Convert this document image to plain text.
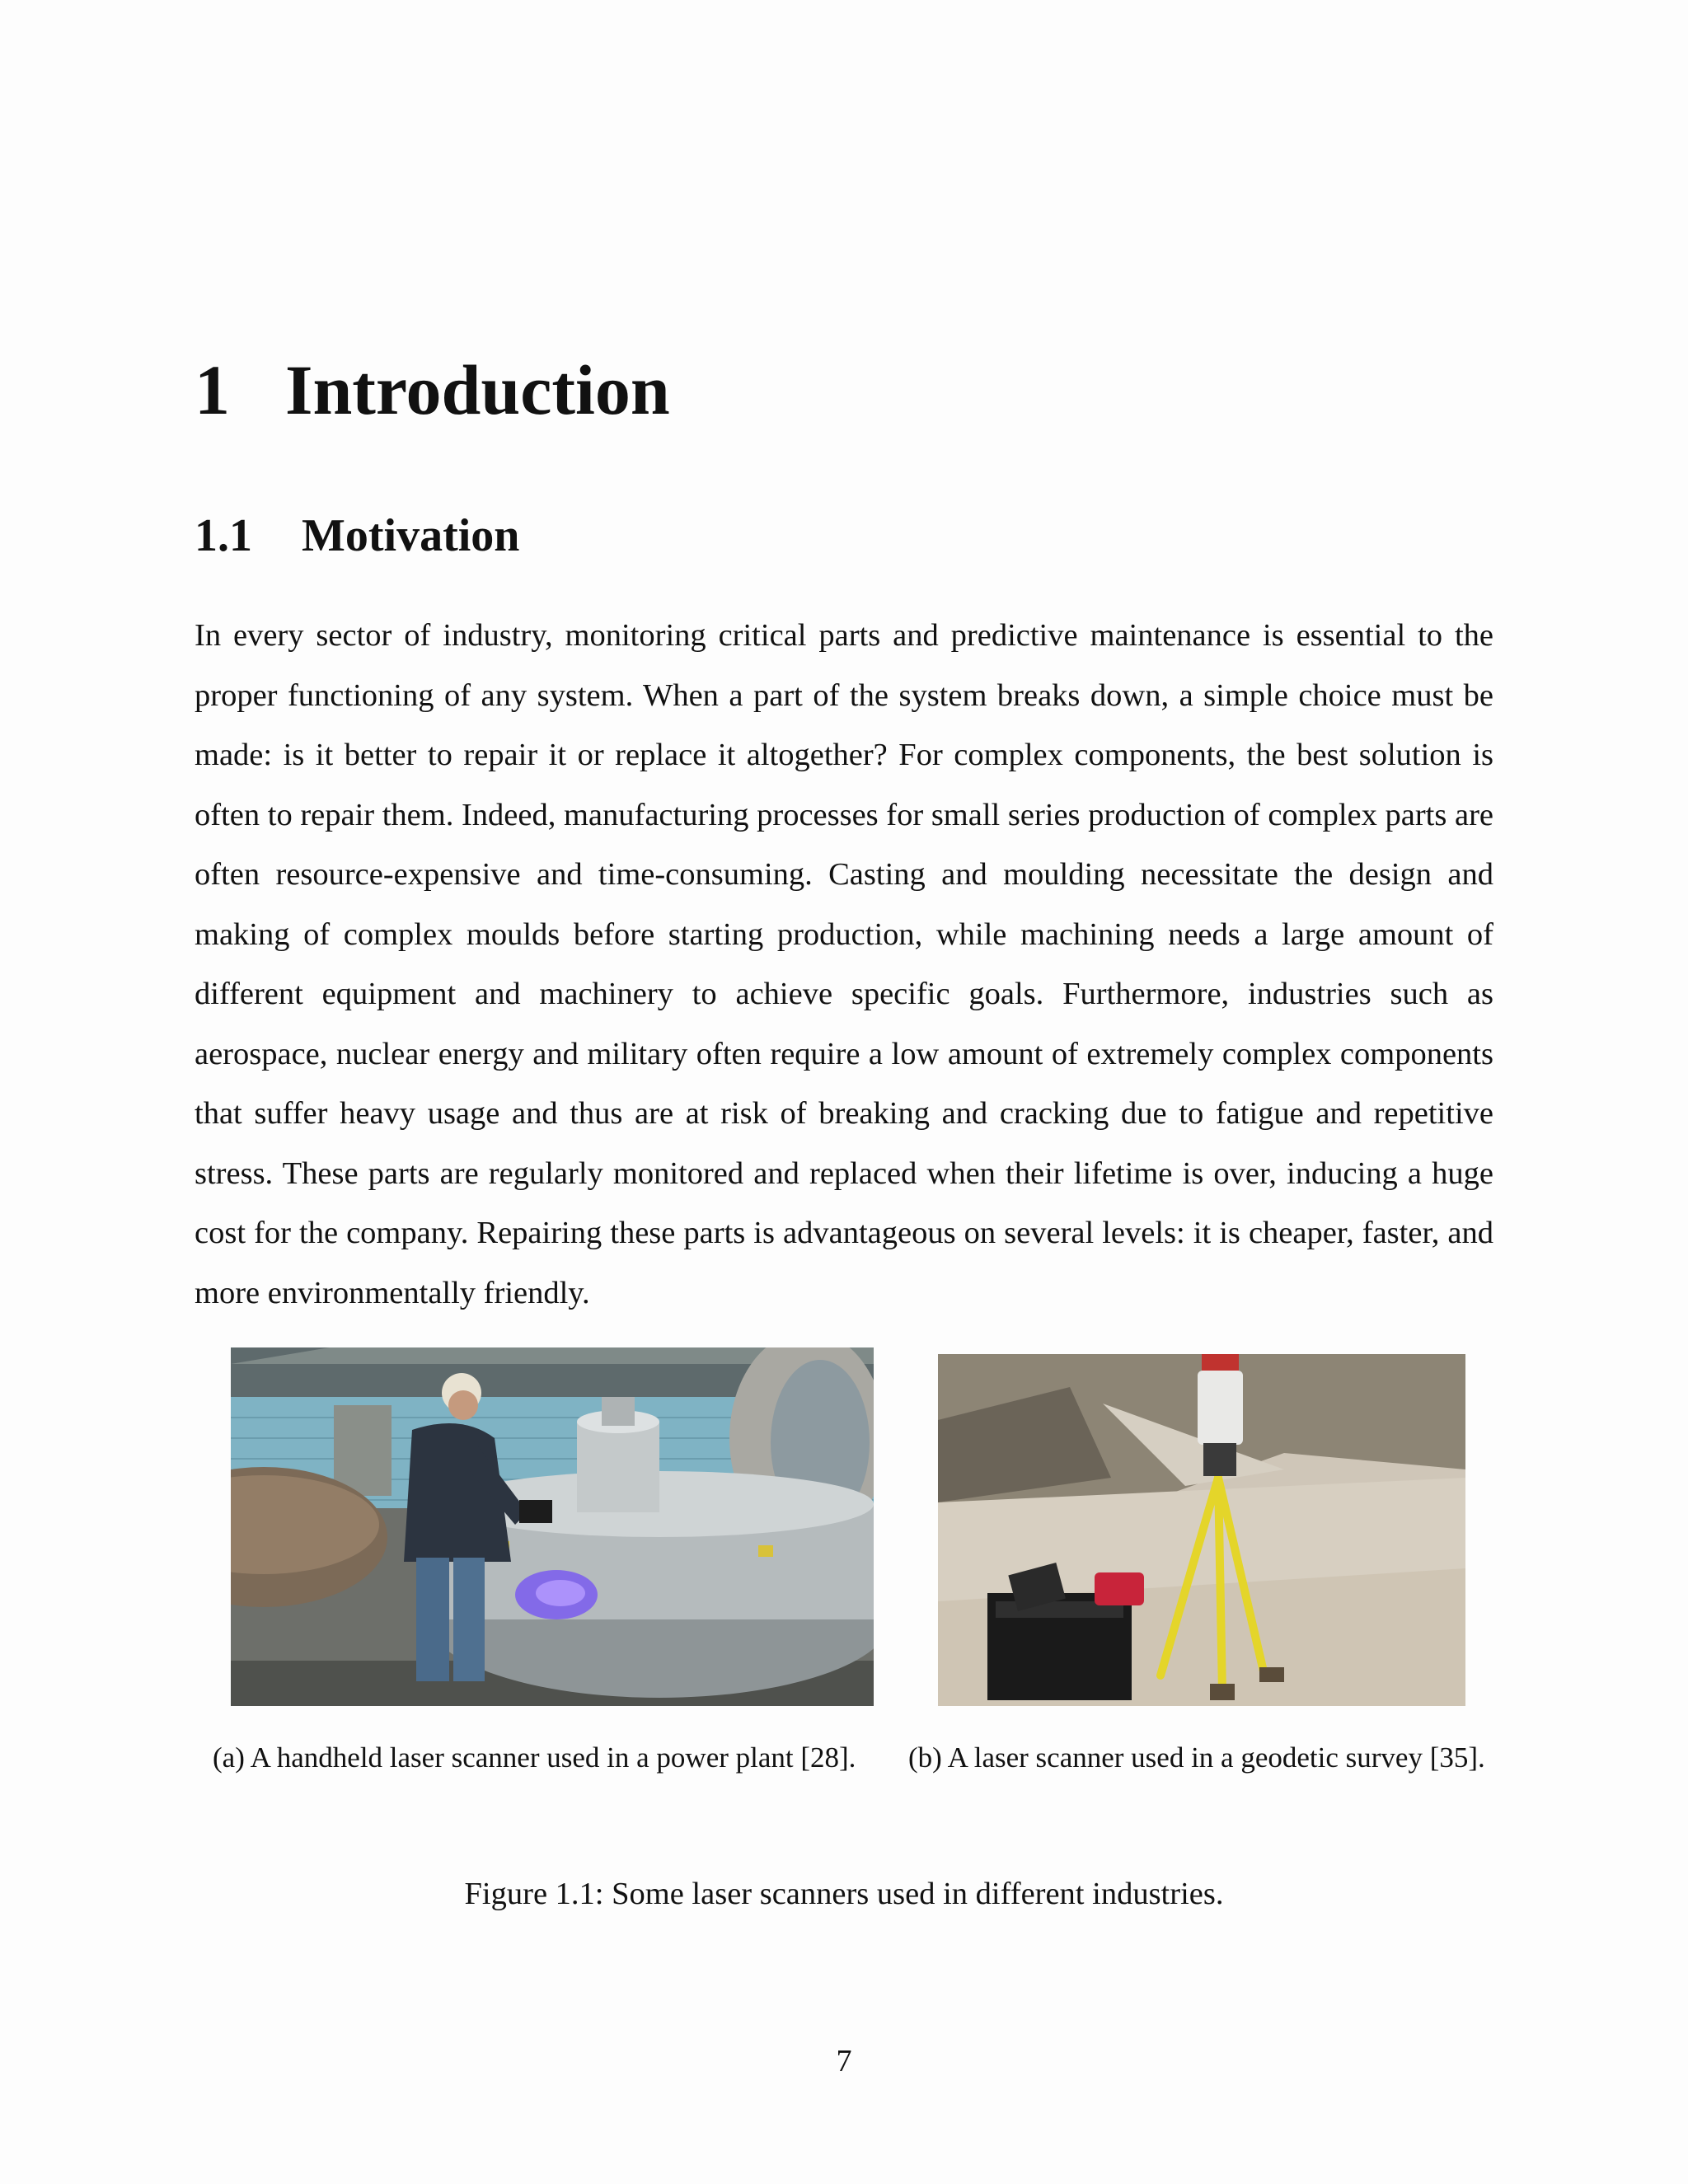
1 Introduction
1.1 Motivation

In every sector of industry, monitoring critical parts and predictive maintenance is essential to the proper functioning of any system. When a part of the system breaks down, a simple choice must be made: is it better to repair it or replace it altogether? For complex components, the best solution is often to repair them. Indeed, manufacturing processes for small series production of complex parts are often resource-expensive and time-consuming. Casting and moulding necessitate the design and making of complex moulds before starting production, while machining needs a large amount of different equipment and machinery to achieve specific goals. Furthermore, industries such as aerospace, nuclear energy and military often require a low amount of extremely complex components that suffer heavy usage and thus are at risk of breaking and cracking due to fatigue and repetitive stress. These parts are regularly monitored and replaced when their lifetime is over, inducing a huge cost for the company. Repairing these parts is advantageous on several levels: it is cheaper, faster, and more environmentally friendly.

(a) A handheld laser scanner used in a power plant [28].	(b) A laser scanner used in a geodetic survey [35].
Figure 1.1: Some laser scanners used in different industries.
7
